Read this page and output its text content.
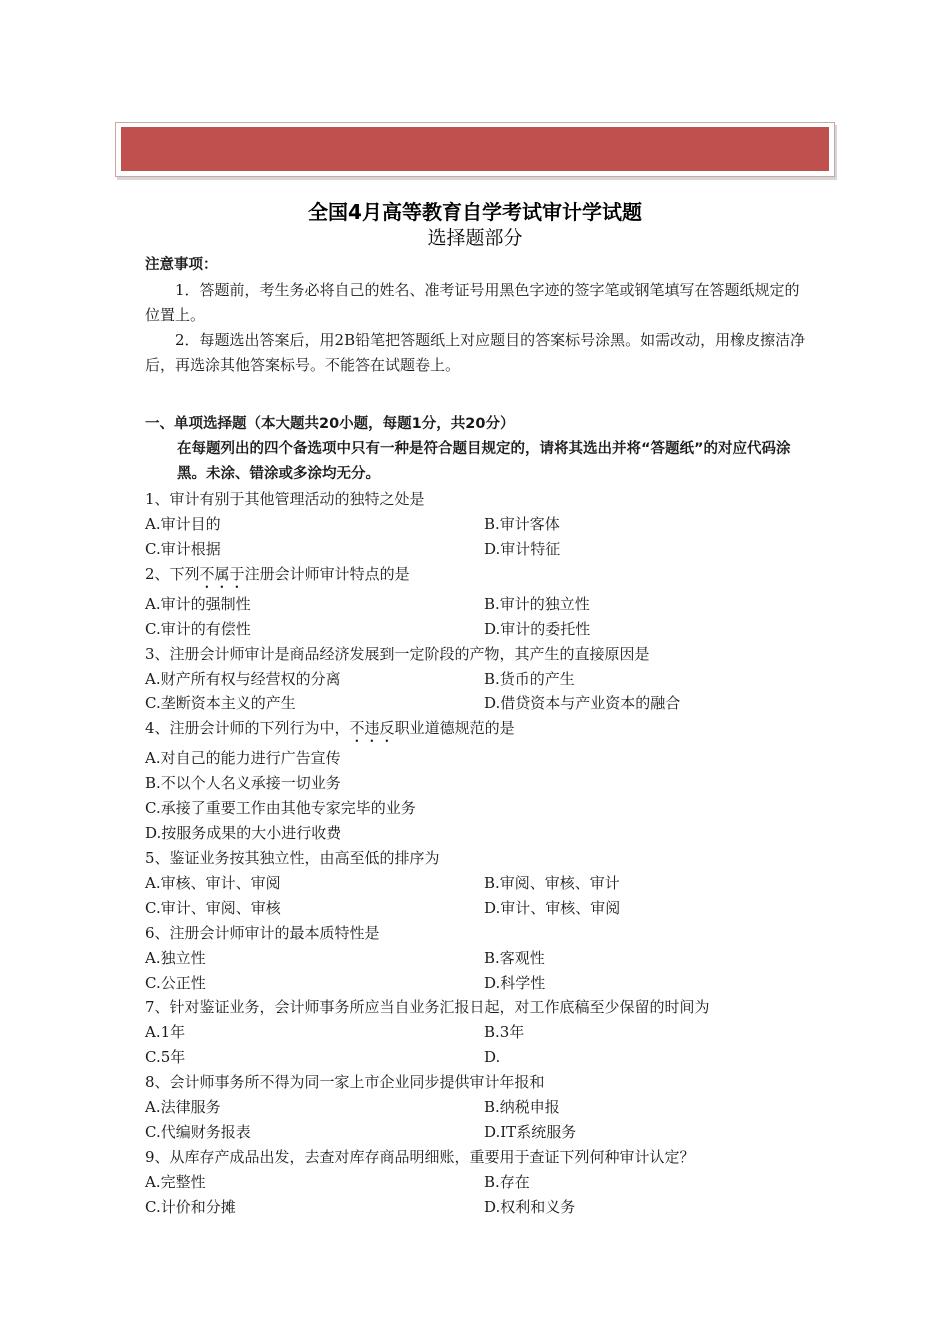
全国4月高等教育自学考试审计学试题
选择题部分
注意事项：
1．答题前，考生务必将自己的姓名、准考证号用黑色字迹的签字笔或钢笔填写在答题纸规定的位置上。
2．每题选出答案后，用2B铅笔把答题纸上对应题目的答案标号涂黑。如需改动，用橡皮擦洁净后，再选涂其他答案标号。不能答在试题卷上。
一、单项选择题（本大题共20小题，每题1分，共20分）
在每题列出的四个备选项中只有一种是符合题目规定的，请将其选出并将“答题纸”的对应代码涂黑。未涂、错涂或多涂均无分。
1、审计有别于其他管理活动的独特之处是
A.审计目的	B.审计客体
C.审计根据	D.审计特征
2、下列不属于注册会计师审计特点的是
A.审计的强制性	B.审计的独立性
C.审计的有偿性	D.审计的委托性
3、注册会计师审计是商品经济发展到一定阶段的产物，其产生的直接原因是
A.财产所有权与经营权的分离	B.货币的产生
C.垄断资本主义的产生	D.借贷资本与产业资本的融合
4、注册会计师的下列行为中，不违反职业道德规范的是
A.对自己的能力进行广告宣传
B.不以个人名义承接一切业务
C.承接了重要工作由其他专家完毕的业务
D.按服务成果的大小进行收费
5、鉴证业务按其独立性，由高至低的排序为
A.审核、审计、审阅	B.审阅、审核、审计
C.审计、审阅、审核	D.审计、审核、审阅
6、注册会计师审计的最本质特性是
A.独立性	B.客观性
C.公正性	D.科学性
7、针对鉴证业务，会计师事务所应当自业务汇报日起，对工作底稿至少保留的时间为
A.1年	B.3年
C.5年	D.
8、会计师事务所不得为同一家上市企业同步提供审计年报和
A.法律服务	B.纳税申报
C.代编财务报表	D.IT系统服务
9、从库存产成品出发，去查对库存商品明细账，重要用于查证下列何种审计认定？
A.完整性	B.存在
C.计价和分摊	D.权利和义务
